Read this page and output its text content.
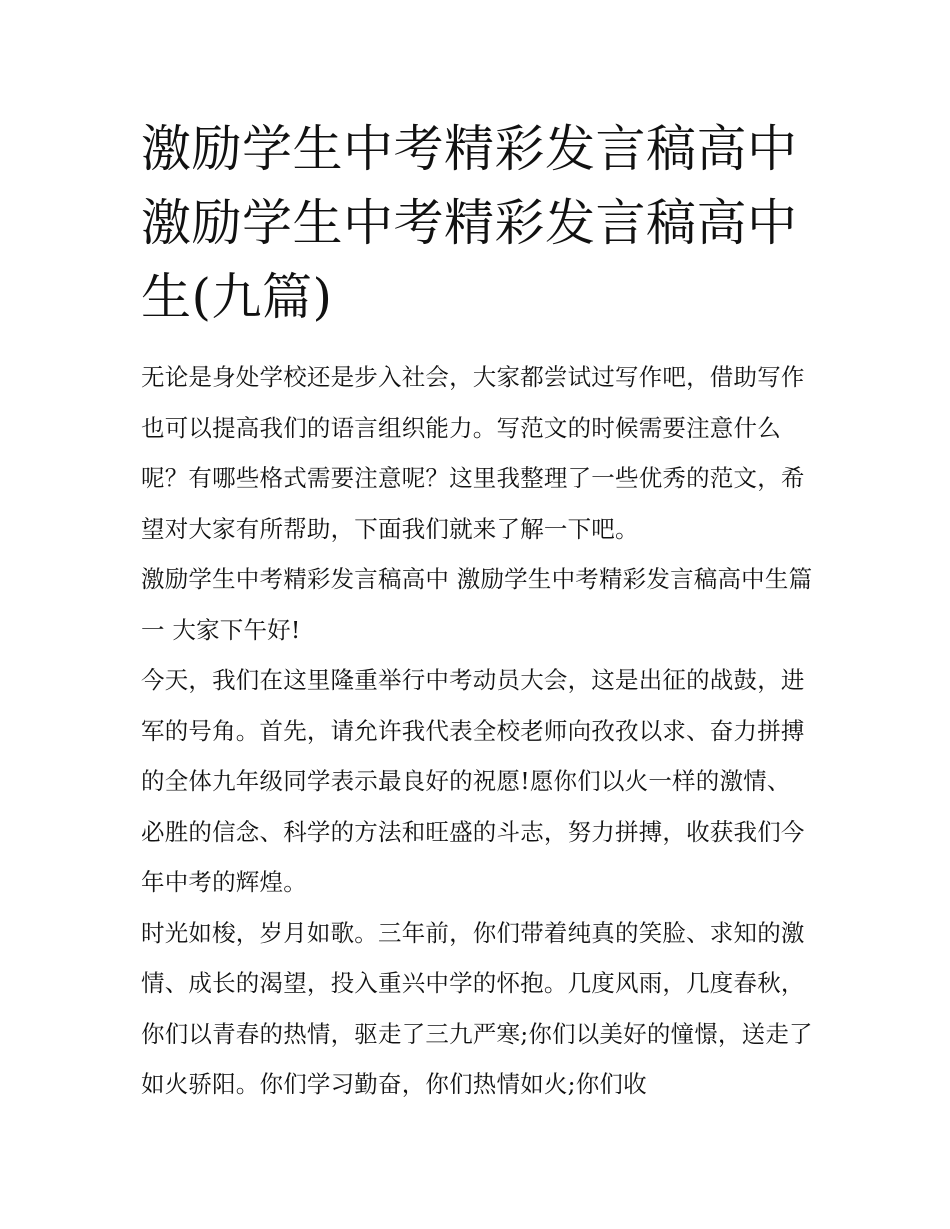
激励学生中考精彩发言稿高中 激励学生中考精彩发言稿高中生(九篇)

无论是身处学校还是步入社会，大家都尝试过写作吧，借助写作也可以提高我们的语言组织能力。写范文的时候需要注意什么呢？有哪些格式需要注意呢？这里我整理了一些优秀的范文，希望对大家有所帮助，下面我们就来了解一下吧。

激励学生中考精彩发言稿高中 激励学生中考精彩发言稿高中生篇一 大家下午好!

今天，我们在这里隆重举行中考动员大会，这是出征的战鼓，进军的号角。首先，请允许我代表全校老师向孜孜以求、奋力拼搏的全体九年级同学表示最良好的祝愿!愿你们以火一样的激情、必胜的信念、科学的方法和旺盛的斗志，努力拼搏，收获我们今年中考的辉煌。

时光如梭，岁月如歌。三年前，你们带着纯真的笑脸、求知的激情、成长的渴望，投入重兴中学的怀抱。几度风雨，几度春秋，你们以青春的热情，驱走了三九严寒;你们以美好的憧憬，送走了如火骄阳。你们学习勤奋，你们热情如火;你们收
